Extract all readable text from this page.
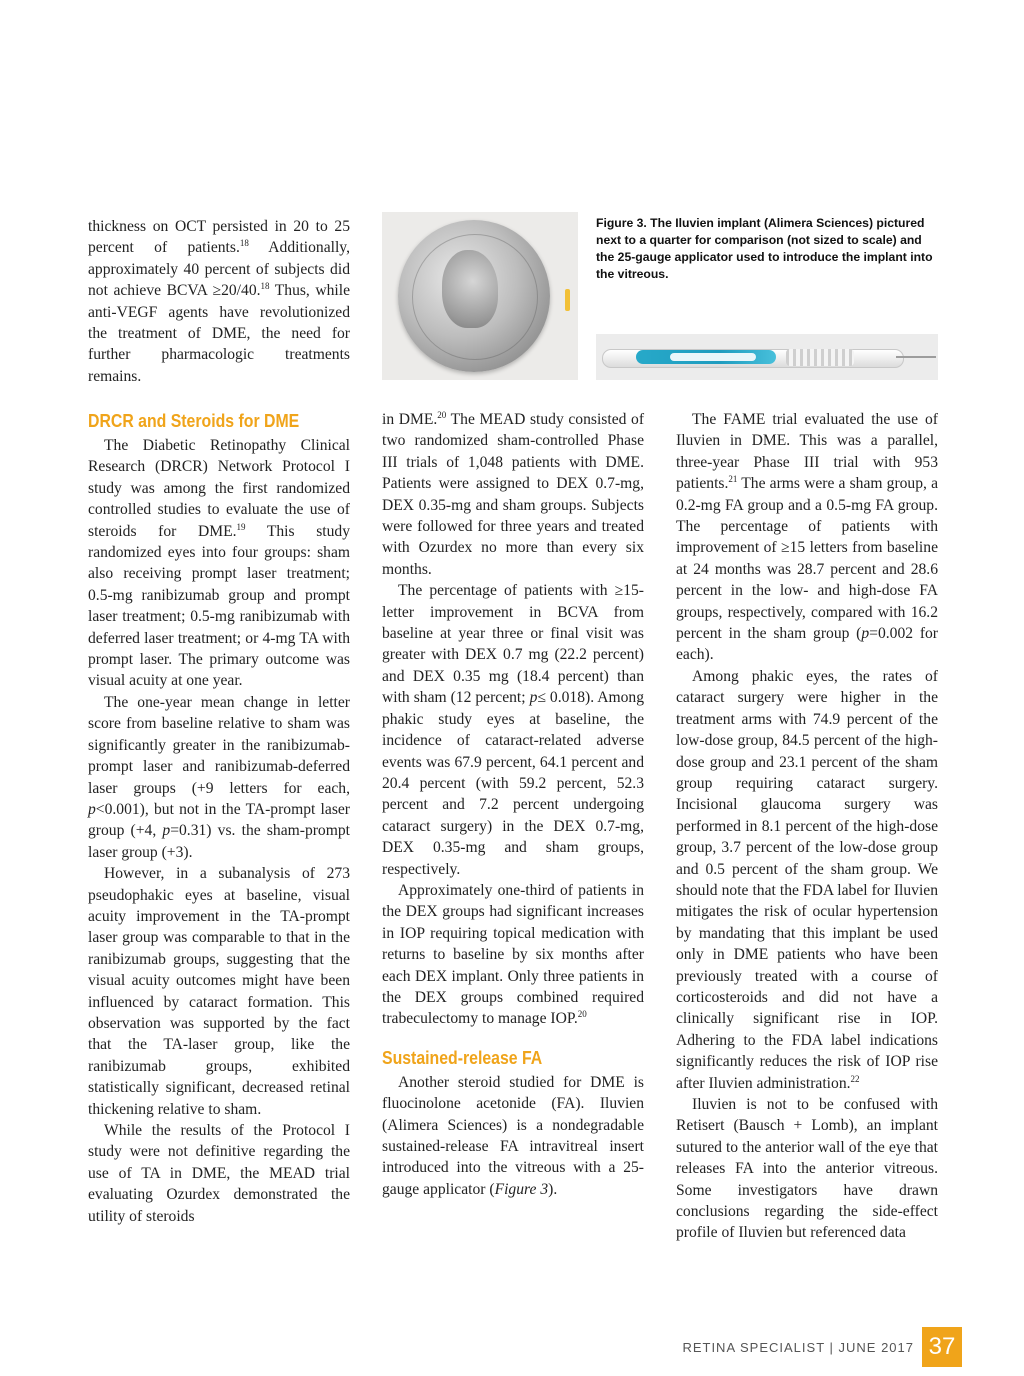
thickness on OCT persisted in 20 to 25 percent of patients.$^{18}$ Additionally, approximately 40 percent of subjects did not achieve BCVA ≥20/40.18 Thus, while anti-VEGF agents have revolutionized the treatment of DME, the need for further pharmacologic treatments remains.

Figure 3. The Iluvien implant (Alimera Sciences) pictured next to a quarter for comparison (not sized to scale) and the 25-gauge applicator used to introduce the implant into the vitreous.
DRCR and Steroids for DME

The Diabetic Retinopathy Clinical Research (DRCR) Network Protocol I study was among the first randomized controlled studies to evaluate the use of steroids for DME.$^{19}$ This study randomized eyes into four groups: sham also receiving prompt laser treatment; 0.5-mg ranibizumab group and prompt laser treatment; 0.5-mg ranibizumab with deferred laser treatment; or 4-mg TA with prompt laser. The primary outcome was visual acuity at one year.

The one-year mean change in letter score from baseline relative to sham was significantly greater in the ranibizumab-prompt laser and ranibizumab-deferred laser groups (+9 letters for each, p<0.001), but not in the TA-prompt laser group (+4, p=0.31) vs. the sham-prompt laser group (+3).

However, in a subanalysis of 273 pseudophakic eyes at baseline, visual acuity improvement in the TA-prompt laser group was comparable to that in the ranibizumab groups, suggesting that the visual acuity outcomes might have been influenced by cataract formation. This observation was supported by the fact that the TA-laser group, like the ranibizumab groups, exhibited statistically significant, decreased retinal thickening relative to sham.

While the results of the Protocol I study were not definitive regarding the use of TA in DME, the MEAD trial evaluating Ozurdex demonstrated the utility of steroids

in DME.$^{20}$ The MEAD study consisted of two randomized sham-controlled Phase III trials of 1,048 patients with DME. Patients were assigned to DEX 0.7-mg, DEX 0.35-mg and sham groups. Subjects were followed for three years and treated with Ozurdex no more than every six months.

The percentage of patients with ≥15-letter improvement in BCVA from baseline at year three or final visit was greater with DEX 0.7 mg (22.2 percent) and DEX 0.35 mg (18.4 percent) than with sham (12 percent; p≤ 0.018). Among phakic study eyes at baseline, the incidence of cataract-related adverse events was 67.9 percent, 64.1 percent and 20.4 percent (with 59.2 percent, 52.3 percent and 7.2 percent undergoing cataract surgery) in the DEX 0.7-mg, DEX 0.35-mg and sham groups, respectively.

Approximately one-third of patients in the DEX groups had significant increases in IOP requiring topical medication with returns to baseline by six months after each DEX implant. Only three patients in the DEX groups combined required trabeculectomy to manage IOP.$^{20}$

Sustained-release FA

Another steroid studied for DME is fluocinolone acetonide (FA). Iluvien (Alimera Sciences) is a nondegradable sustained-release FA intravitreal insert introduced into the vitreous with a 25-gauge applicator (Figure 3).

The FAME trial evaluated the use of Iluvien in DME. This was a parallel, three-year Phase III trial with 953 patients.$^{21}$ The arms were a sham group, a 0.2-mg FA group and a 0.5-mg FA group. The percentage of patients with improvement of ≥15 letters from baseline at 24 months was 28.7 percent and 28.6 percent in the low- and high-dose FA groups, respectively, compared with 16.2 percent in the sham group (p=0.002 for each).

Among phakic eyes, the rates of cataract surgery were higher in the treatment arms with 74.9 percent of the low-dose group, 84.5 percent of the high-dose group and 23.1 percent of the sham group requiring cataract surgery. Incisional glaucoma surgery was performed in 8.1 percent of the high-dose group, 3.7 percent of the low-dose group and 0.5 percent of the sham group. We should note that the FDA label for Iluvien mitigates the risk of ocular hypertension by mandating that this implant be used only in DME patients who have been previously treated with a course of corticosteroids and did not have a clinically significant rise in IOP. Adhering to the FDA label indications significantly reduces the risk of IOP rise after Iluvien administration.$^{22}$

Iluvien is not to be confused with Retisert (Bausch + Lomb), an implant sutured to the anterior wall of the eye that releases FA into the anterior vitreous. Some investigators have drawn conclusions regarding the side-effect profile of Iluvien but referenced data

RETINA SPECIALIST | JUNE 2017 37
